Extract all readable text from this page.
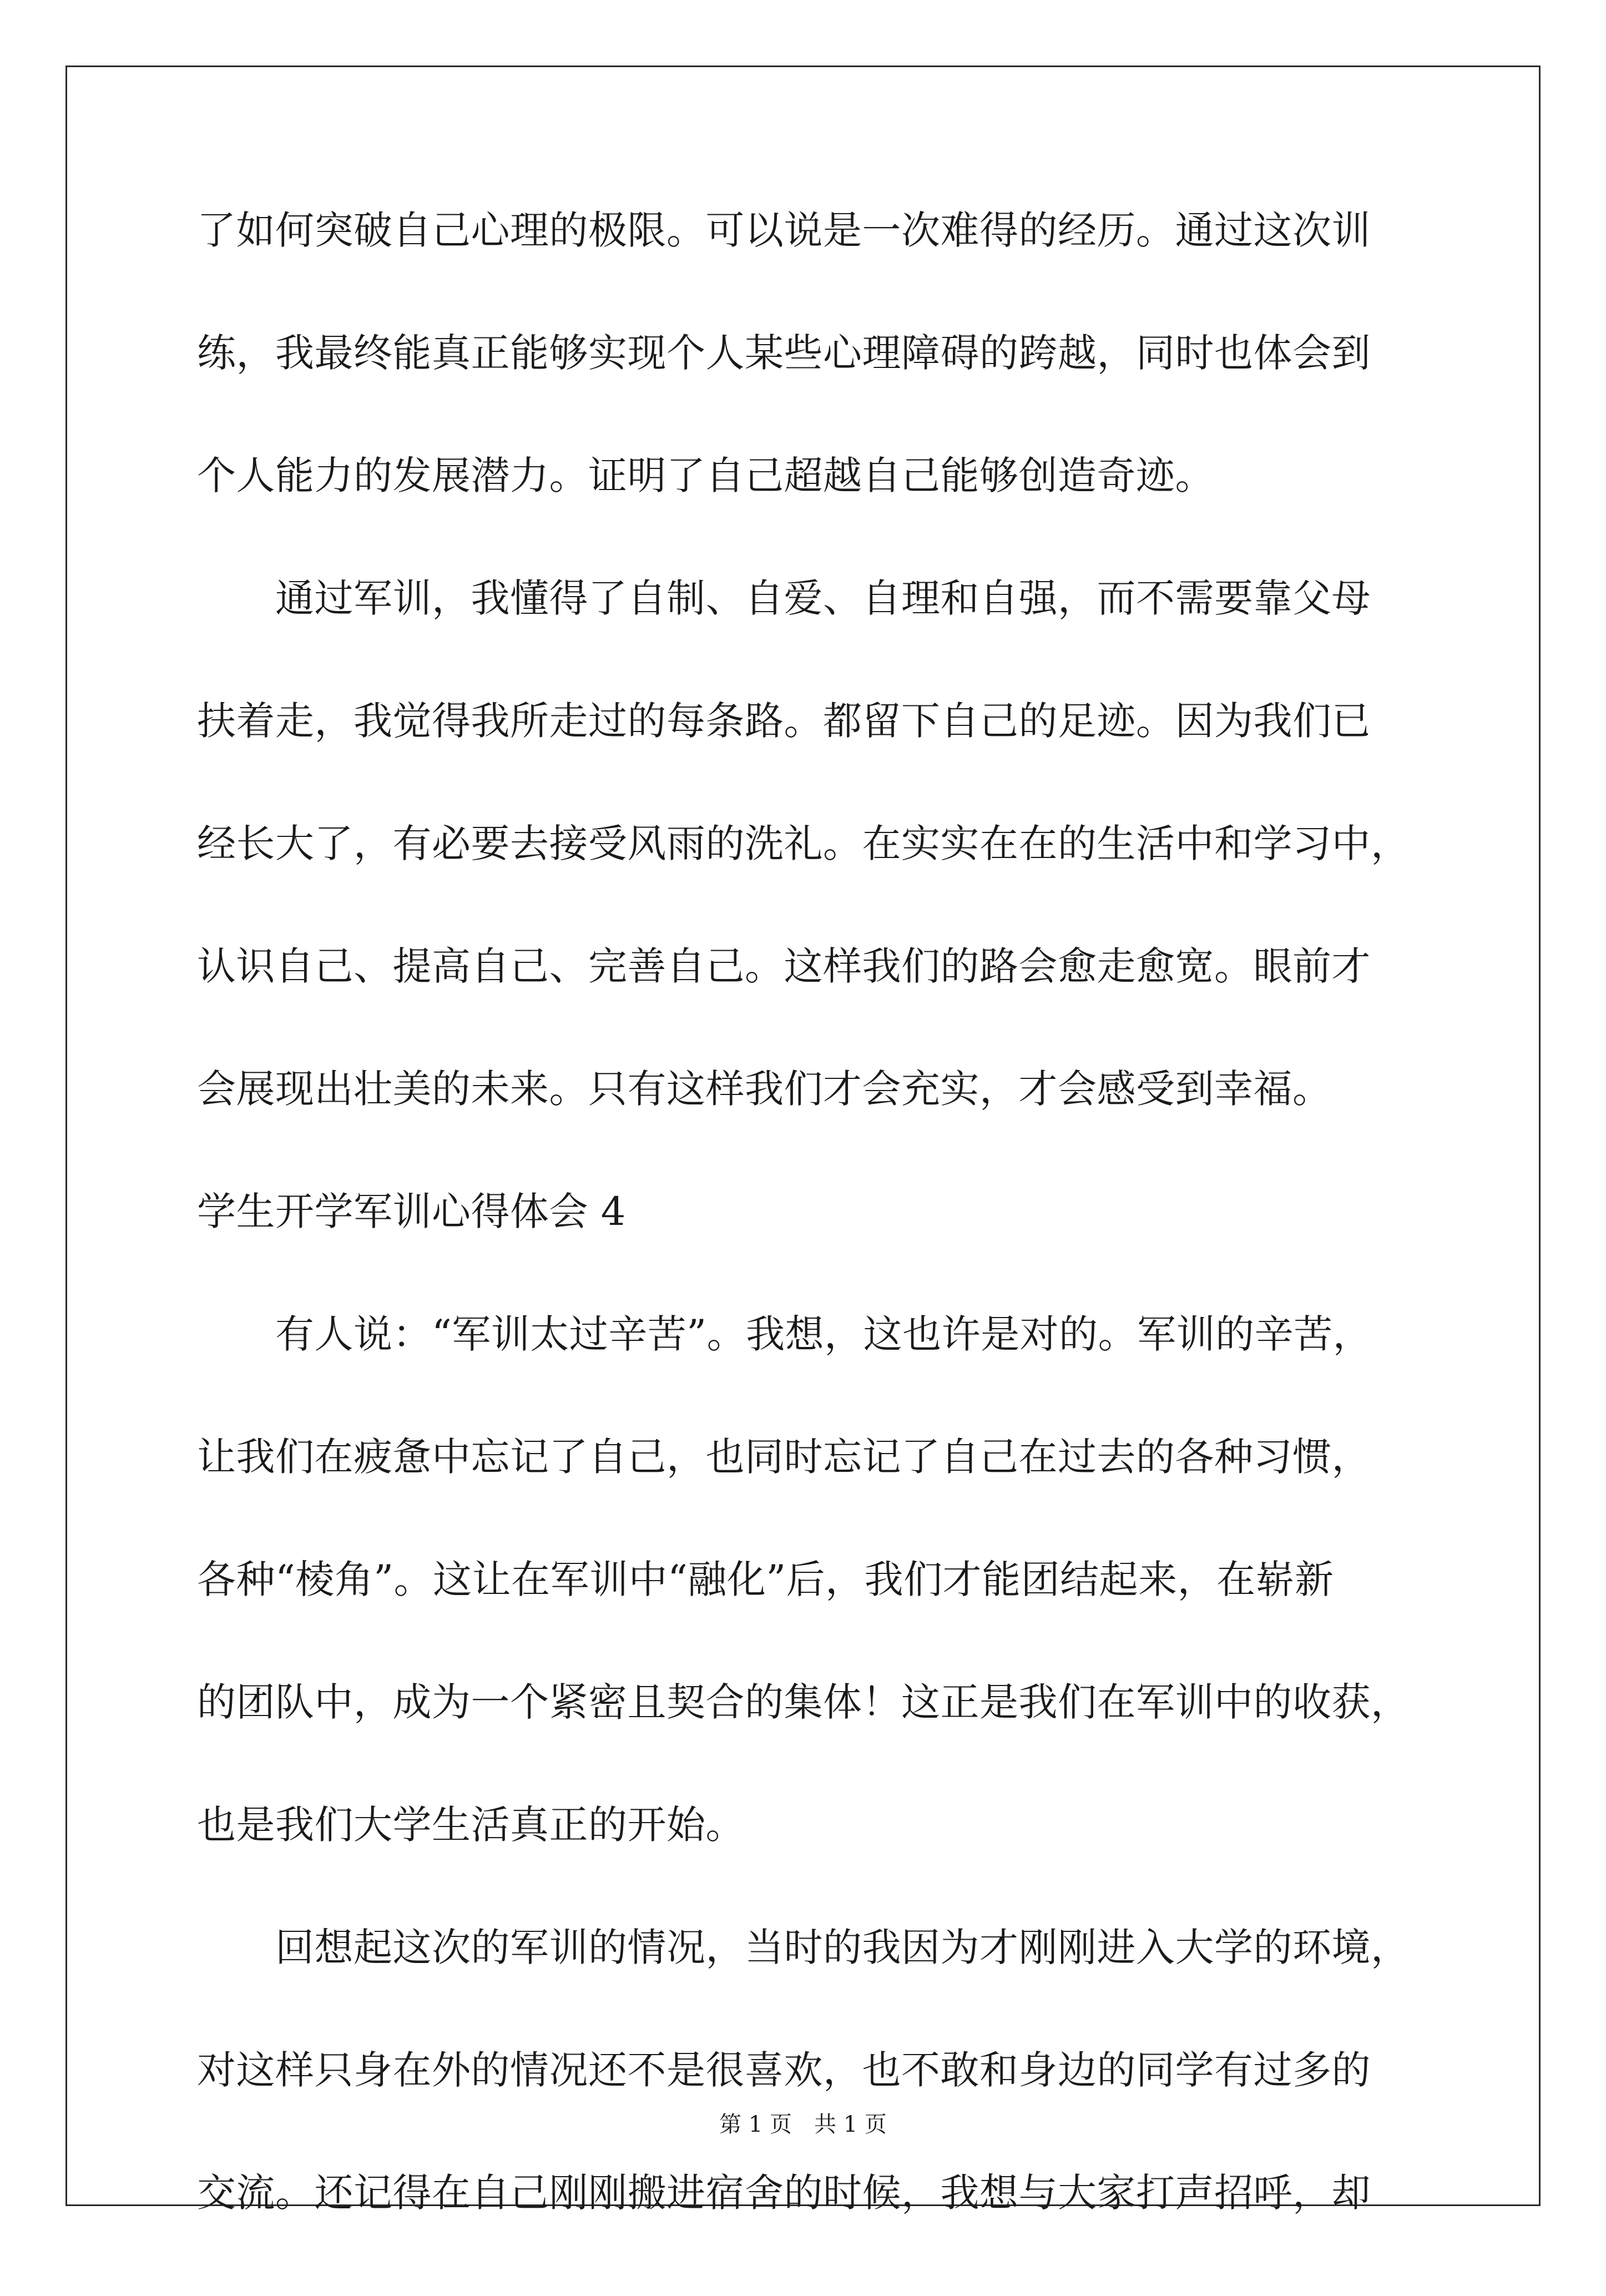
了如何突破自己心理的极限。可以说是一次难得的经历。通过这次训
练，我最终能真正能够实现个人某些心理障碍的跨越，同时也体会到
个人能力的发展潜力。证明了自己超越自己能够创造奇迹。
　　通过军训，我懂得了自制、自爱、自理和自强，而不需要靠父母
扶着走，我觉得我所走过的每条路。都留下自己的足迹。因为我们已
经长大了，有必要去接受风雨的洗礼。在实实在在的生活中和学习中，
认识自己、提高自己、完善自己。这样我们的路会愈走愈宽。眼前才
会展现出壮美的未来。只有这样我们才会充实，才会感受到幸福。
学生开学军训心得体会 4
　　有人说：“军训太过辛苦”。我想，这也许是对的。军训的辛苦，
让我们在疲惫中忘记了自己，也同时忘记了自己在过去的各种习惯，
各种“棱角”。这让在军训中“融化”后，我们才能团结起来，在崭新
的团队中，成为一个紧密且契合的集体！这正是我们在军训中的收获，
也是我们大学生活真正的开始。
　　回想起这次的军训的情况，当时的我因为才刚刚进入大学的环境，
对这样只身在外的情况还不是很喜欢，也不敢和身边的同学有过多的
交流。还记得在自己刚刚搬进宿舍的时候，我想与大家打声招呼，却
第 1 页　共 1 页
